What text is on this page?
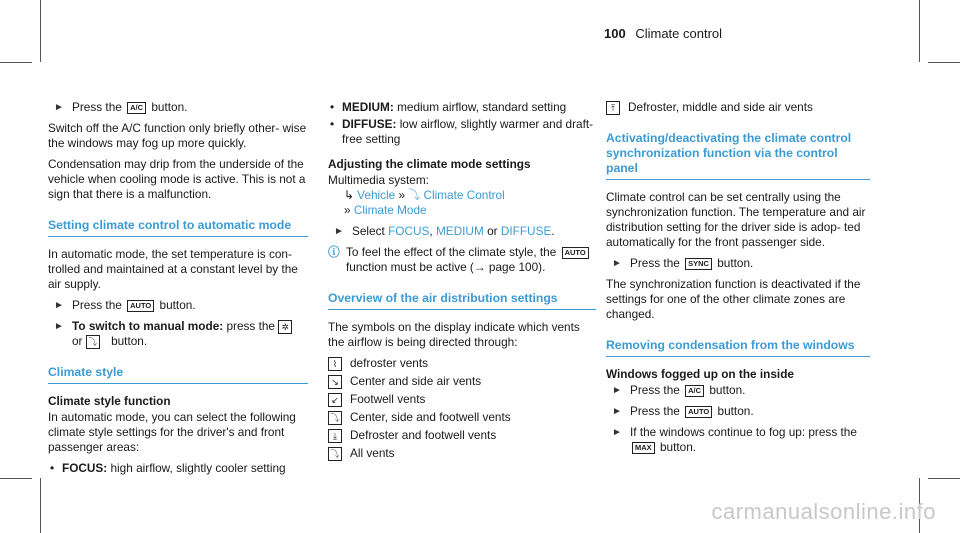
100 Climate control
► Press the A/C button.

Switch off the A/C function only briefly other- wise the windows may fog up more quickly.

Condensation may drip from the underside of the vehicle when cooling mode is active. This is not a sign that there is a malfunction.

Setting climate control to automatic mode

In automatic mode, the set temperature is con- trolled and maintained at a constant level by the air supply.

► Press the AUTO button.
► To switch to manual mode: press the ✲
or ⤵ button.
Climate style
Climate style function

In automatic mode, you can select the following climate style settings for the driver's and front passenger areas:

• FOCUS: high airflow, slightly cooler setting
• MEDIUM: medium airflow, standard setting
• DIFFUSE: low airflow, slightly warmer and draft-free setting
Adjusting the climate mode settings
Multimedia system:
↳ Vehicle » ⤵ Climate Control
» Climate Mode
► Select FOCUS, MEDIUM or DIFFUSE.
ⓘ To feel the effect of the climate style, the AUTO function must be active (→ page 100).
Overview of the air distribution settings

The symbols on the display indicate which vents the airflow is being directed through:

⌇ defroster vents
↘ Center and side air vents
↙ Footwell vents
⤵ Center, side and footwell vents
⤓ Defroster and footwell vents
⤵ All vents
⤒ Defroster, middle and side air vents
Activating/deactivating the climate control synchronization function via the control panel

Climate control can be set centrally using the synchronization function. The temperature and air distribution setting for the driver side is adop- ted automatically for the front passenger side.

► Press the SYNC button.

The synchronization function is deactivated if the settings for one of the other climate zones are changed.

Removing condensation from the windows
Windows fogged up on the inside
► Press the A/C button.
► Press the AUTO button.
► If the windows continue to fog up: press the
MAX button.
carmanualsonline.info
